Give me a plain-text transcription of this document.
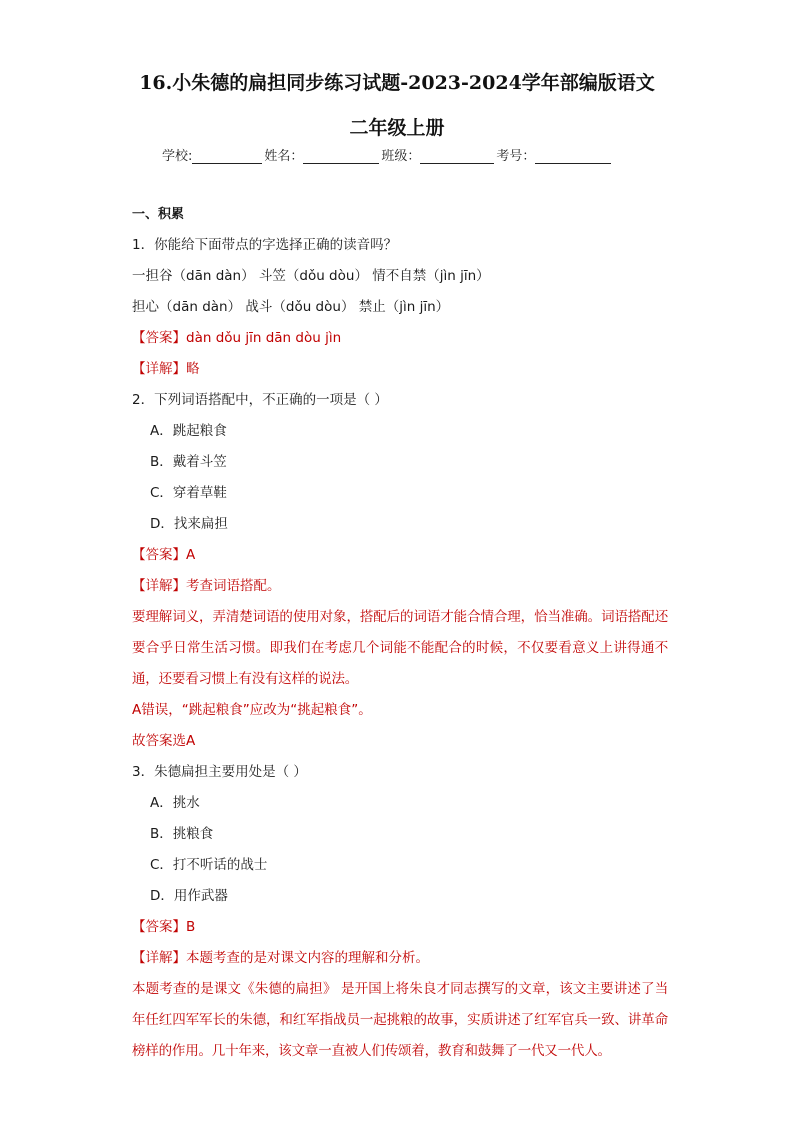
16.小朱德的扁担同步练习试题-2023-2024学年部编版语文
二年级上册
学校:	姓名：	班级：	考号：
一、积累
1．你能给下面带点的字选择正确的读音吗？
一担谷（dān dàn） 斗笠（dǒu dòu） 情不自禁（jìn jīn）
担心（dān dàn） 战斗（dǒu dòu） 禁止（jìn jīn）
【答案】dàn dǒu jīn dān dòu jìn
【详解】略
2．下列词语搭配中，不正确的一项是（ ）
A．跳起粮食
B．戴着斗笠
C．穿着草鞋
D．找来扁担
【答案】A
【详解】考查词语搭配。
要理解词义，弄清楚词语的使用对象，搭配后的词语才能合情合理，恰当准确。词语搭配还要合乎日常生活习惯。即我们在考虑几个词能不能配合的时候，不仅要看意义上讲得通不通，还要看习惯上有没有这样的说法。
A错误，“跳起粮食”应改为“挑起粮食”。
故答案选A
3．朱德扁担主要用处是（ ）
A．挑水
B．挑粮食
C．打不听话的战士
D．用作武器
【答案】B
【详解】本题考查的是对课文内容的理解和分析。
本题考查的是课文《朱德的扁担》 是开国上将朱良才同志撰写的文章，该文主要讲述了当年任红四军军长的朱德，和红军指战员一起挑粮的故事，实质讲述了红军官兵一致、讲革命榜样的作用。几十年来，该文章一直被人们传颂着，教育和鼓舞了一代又一代人。
